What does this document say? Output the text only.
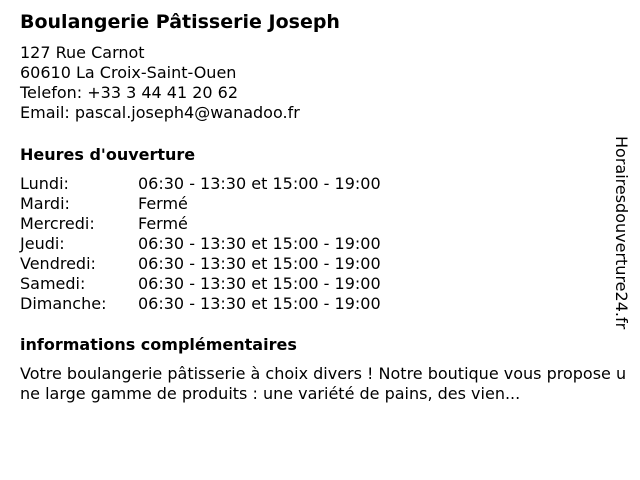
Boulangerie Pâtisserie Joseph
127 Rue Carnot
60610 La Croix-Saint-Ouen
Telefon: +33 3 44 41 20 62
Email: pascal.joseph4@wanadoo.fr
Heures d'ouverture
Lundi:	06:30 - 13:30 et 15:00 - 19:00
Mardi:	Fermé
Mercredi:	Fermé
Jeudi:	06:30 - 13:30 et 15:00 - 19:00
Vendredi:	06:30 - 13:30 et 15:00 - 19:00
Samedi:	06:30 - 13:30 et 15:00 - 19:00
Dimanche:	06:30 - 13:30 et 15:00 - 19:00
informations complémentaires
Votre boulangerie pâtisserie à choix divers ! Notre boutique vous propose une large gamme de produits : une variété de pains, des vien...
Horairesdouverture24.fr
